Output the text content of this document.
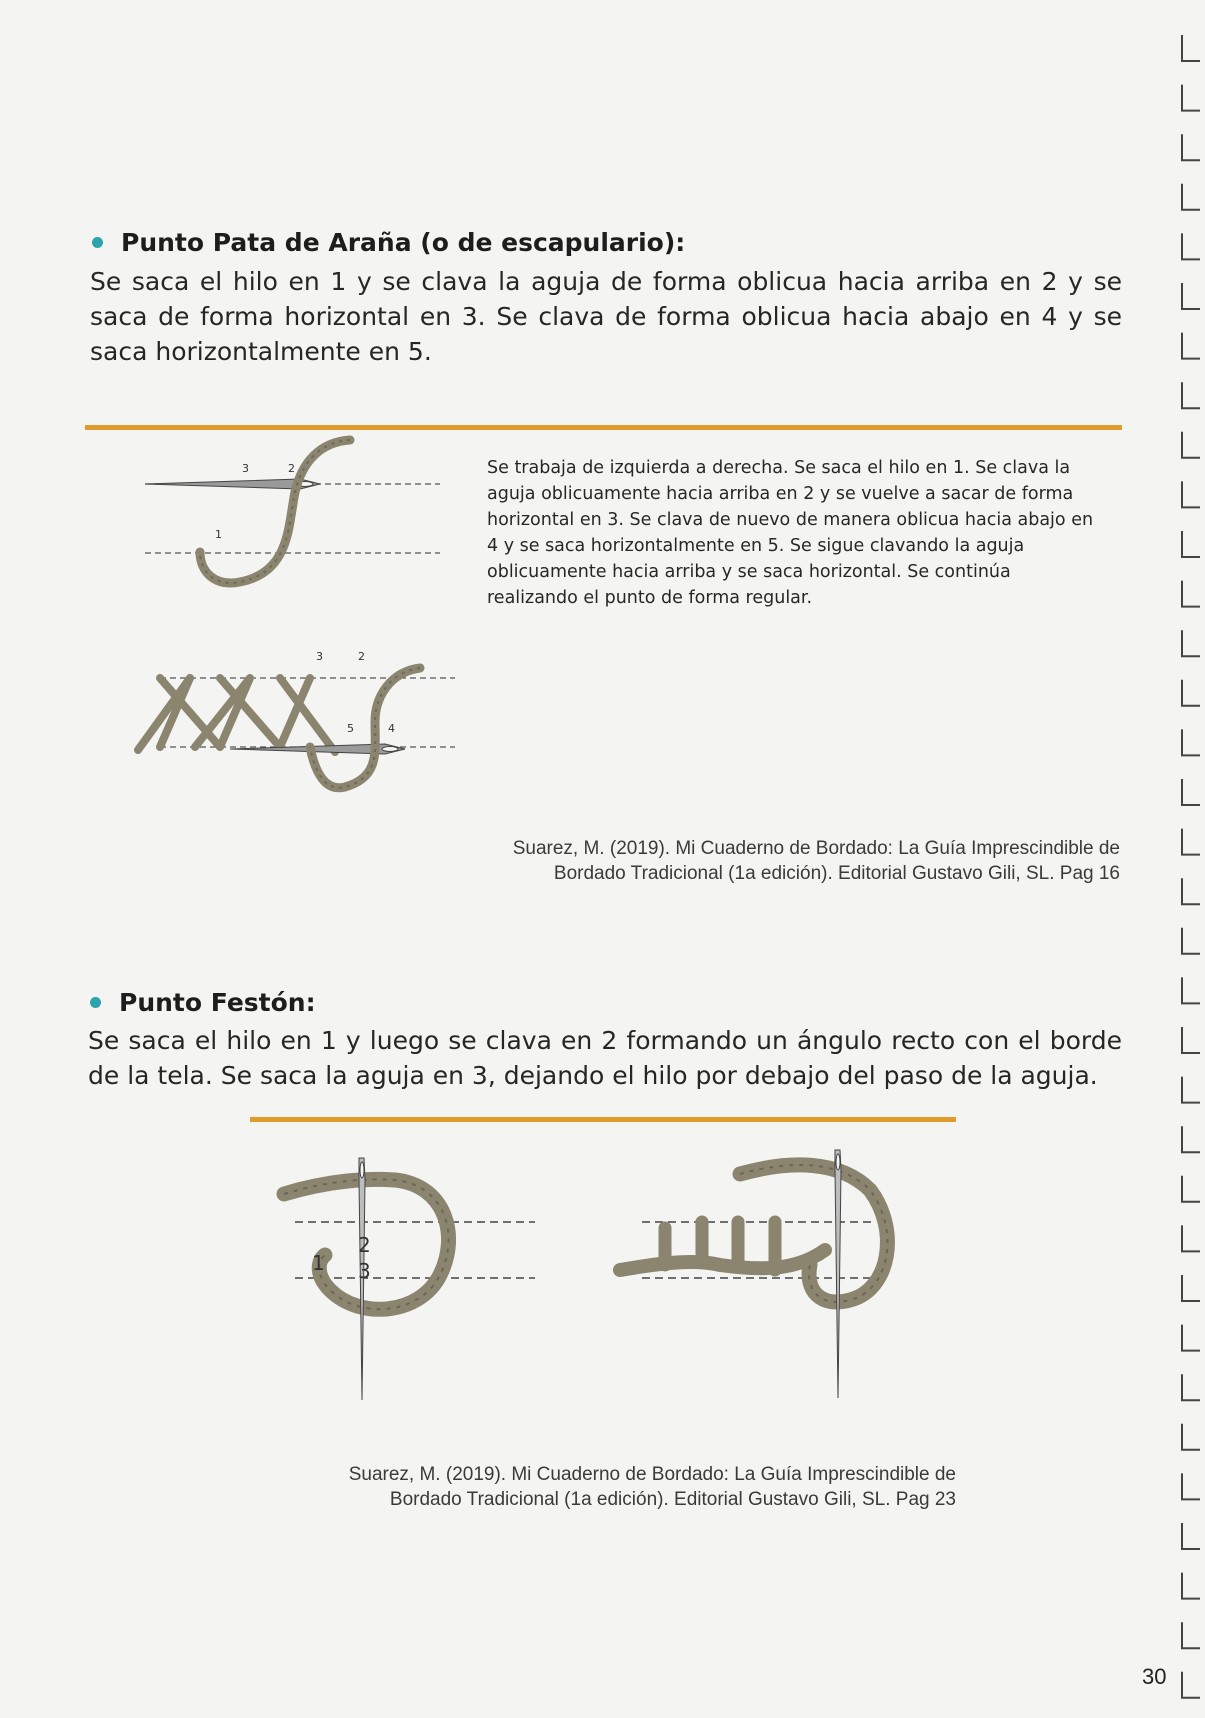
Punto Pata de Araña (o de escapulario):
Se saca el hilo en 1 y se clava la aguja de forma oblicua hacia arriba en 2 y se saca de forma horizontal en 3. Se clava de forma oblicua hacia abajo en 4 y se saca horizontalmente en 5.
3	2
1
3	2
5	4
Se trabaja de izquierda a derecha. Se saca el hilo en 1. Se clava la aguja oblicuamente hacia arriba en 2 y se vuelve a sacar de forma horizontal en 3. Se clava de nuevo de manera oblicua hacia abajo en 4 y se saca horizontalmente en 5. Se sigue clavando la aguja oblicuamente hacia arriba y se saca horizontal. Se continúa realizando el punto de forma regular.
Suarez, M. (2019). Mi Cuaderno de Bordado: La Guía Imprescindible de
Bordado Tradicional (1a edición). Editorial Gustavo Gili, SL. Pag 16
Punto Festón:
Se saca el hilo en 1 y luego se clava en 2 formando un ángulo recto con el borde de la tela. Se saca la aguja en 3, dejando el hilo por debajo del paso de la aguja.
2
1 3
Suarez, M. (2019). Mi Cuaderno de Bordado: La Guía Imprescindible de
Bordado Tradicional (1a edición). Editorial Gustavo Gili, SL. Pag 23
30
